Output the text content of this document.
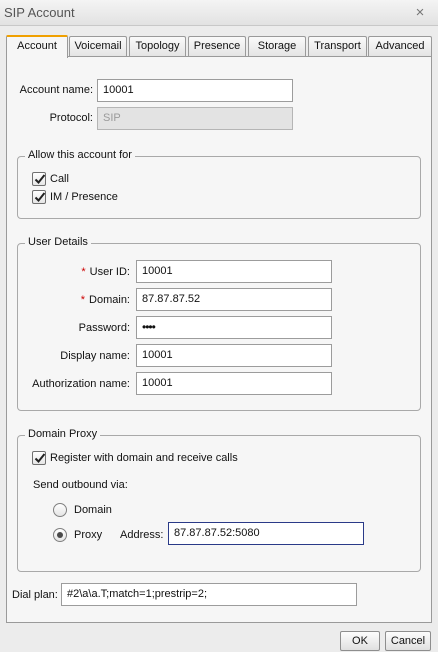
SIP Account	×
Account	Voicemail	Topology	Presence	Storage	Transport	Advanced
Account name: 10001
Protocol: SIP
Allow this account for
Call
IM / Presence
User Details
* User ID:	10001
* Domain:	87.87.87.52
Password:	••••
Display name:	10001
Authorization name:	10001
Domain Proxy
Register with domain and receive calls
Send outbound via:
Domain
Proxy Address: 87.87.87.52:5080
Dial plan: #2\a\a.T;match=1;prestrip=2;
OK	Cancel
